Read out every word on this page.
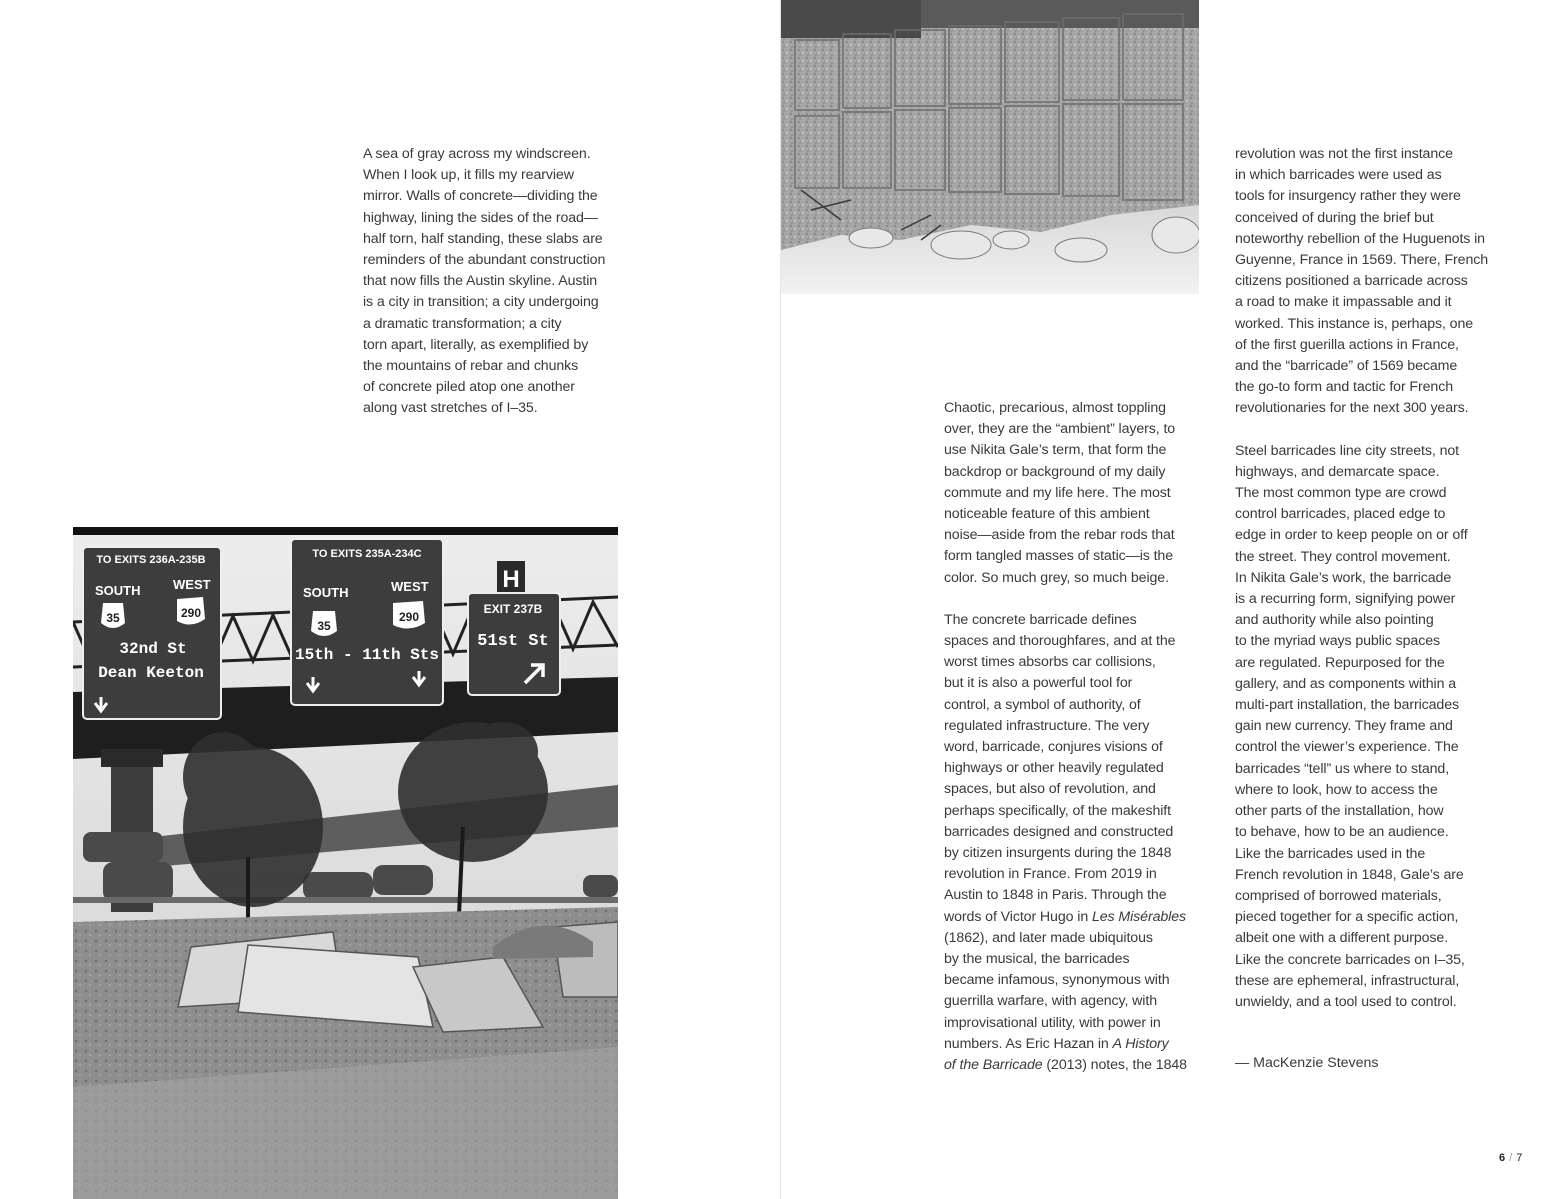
A sea of gray across my windscreen.
When I look up, it fills my rearview
mirror. Walls of concrete—dividing the
highway, lining the sides of the road—
half torn, half standing, these slabs are
reminders of the abundant construction
that now fills the Austin skyline. Austin
is a city in transition; a city undergoing
a dramatic transformation; a city
torn apart, literally, as exemplified by
the mountains of rebar and chunks
of concrete piled atop one another
along vast stretches of I–35.

TO EXITS 236A-235B
SOUTH	WEST
35	290
32nd St
Dean Keeton
TO EXITS 235A-234C
SOUTH	WEST
35
290
15th - 11th Sts
H
EXIT 237B
51st St

Chaotic, precarious, almost toppling
over, they are the “ambient” layers, to
use Nikita Gale’s term, that form the
backdrop or background of my daily
commute and my life here. The most
noticeable feature of this ambient
noise—aside from the rebar rods that
form tangled masses of static—is the
color. So much grey, so much beige.

The concrete barricade defines
spaces and thoroughfares, and at the
worst times absorbs car collisions,
but it is also a powerful tool for
control, a symbol of authority, of
regulated infrastructure. The very
word, barricade, conjures visions of
highways or other heavily regulated
spaces, but also of revolution, and
perhaps specifically, of the makeshift
barricades designed and constructed
by citizen insurgents during the 1848
revolution in France. From 2019 in
Austin to 1848 in Paris. Through the
words of Victor Hugo in Les Misérables
(1862), and later made ubiquitous
by the musical, the barricades
became infamous, synonymous with
guerrilla warfare, with agency, with
improvisational utility, with power in
numbers. As Eric Hazan in A History
of the Barricade (2013) notes, the 1848

revolution was not the first instance
in which barricades were used as
tools for insurgency rather they were
conceived of during the brief but
noteworthy rebellion of the Huguenots in
Guyenne, France in 1569. There, French
citizens positioned a barricade across
a road to make it impassable and it
worked. This instance is, perhaps, one
of the first guerilla actions in France,
and the “barricade” of 1569 became
the go-to form and tactic for French
revolutionaries for the next 300 years.

Steel barricades line city streets, not
highways, and demarcate space.
The most common type are crowd
control barricades, placed edge to
edge in order to keep people on or off
the street. They control movement.
In Nikita Gale’s work, the barricade
is a recurring form, signifying power
and authority while also pointing
to the myriad ways public spaces
are regulated. Repurposed for the
gallery, and as components within a
multi-part installation, the barricades
gain new currency. They frame and
control the viewer’s experience. The
barricades “tell” us where to stand,
where to look, how to access the
other parts of the installation, how
to behave, how to be an audience.
Like the barricades used in the
French revolution in 1848, Gale’s are
comprised of borrowed materials,
pieced together for a specific action,
albeit one with a different purpose.
Like the concrete barricades on I–35,
these are ephemeral, infrastructural,
unwieldy, and a tool used to control.

— MacKenzie Stevens
6 / 7
